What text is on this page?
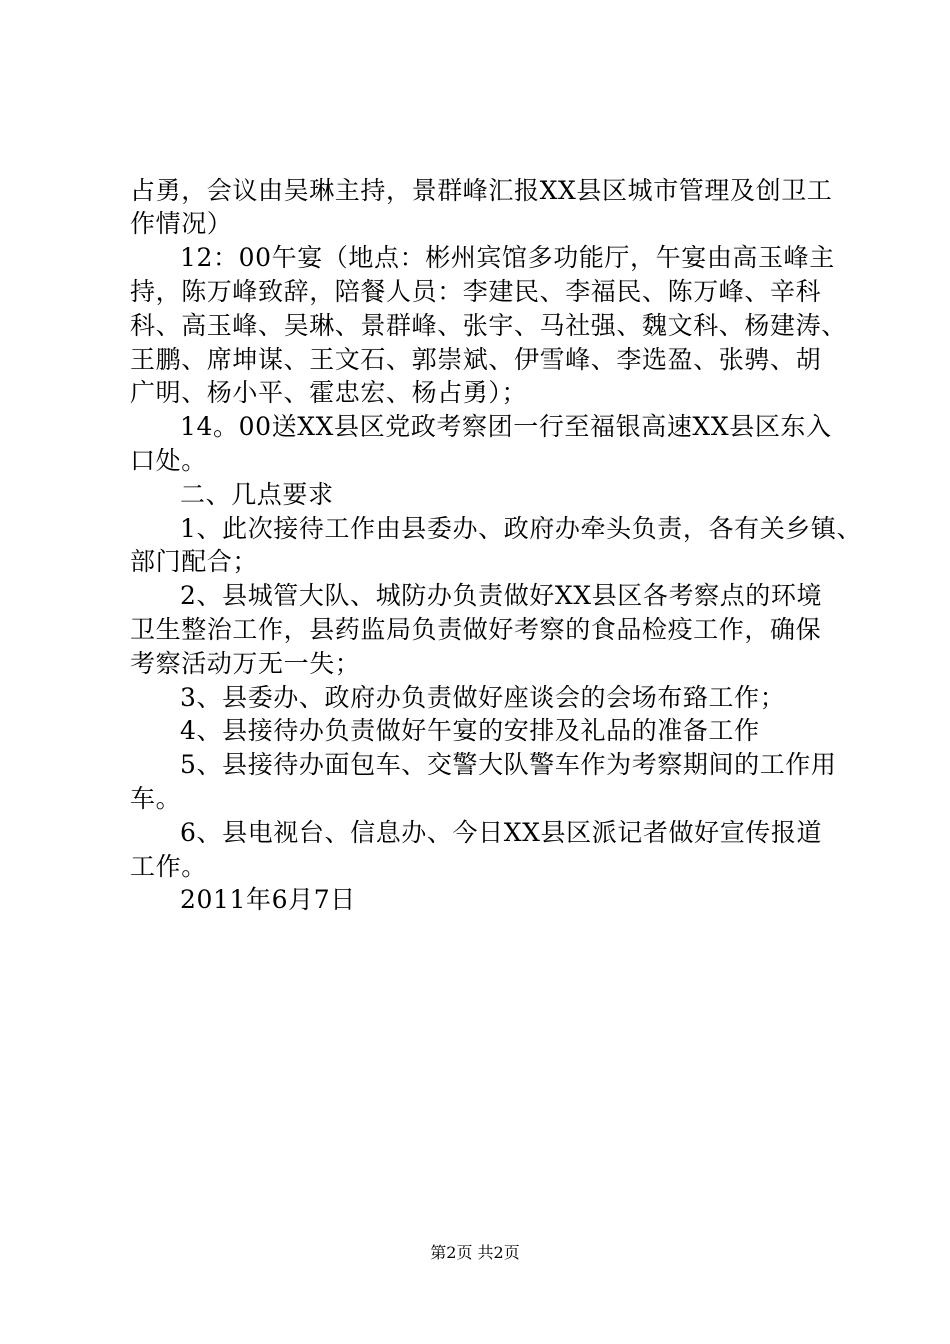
占勇，会议由吴琳主持，景群峰汇报XX县区城市管理及创卫工
作情况）
12：00午宴（地点：彬州宾馆多功能厅，午宴由高玉峰主
持，陈万峰致辞，陪餐人员：李建民、李福民、陈万峰、辛科
科、高玉峰、吴琳、景群峰、张宇、马社强、魏文科、杨建涛、
王鹏、席坤谋、王文石、郭崇斌、伊雪峰、李选盈、张骋、胡
广明、杨小平、霍忠宏、杨占勇）；
14。00送XX县区党政考察团一行至福银高速XX县区东入
口处。
二、几点要求
1、此次接待工作由县委办、政府办牵头负责，各有关乡镇、
部门配合；
2、县城管大队、城防办负责做好XX县区各考察点的环境
卫生整治工作，县药监局负责做好考察的食品检疫工作，确保
考察活动万无一失；
3、县委办、政府办负责做好座谈会的会场布臵工作；
4、县接待办负责做好午宴的安排及礼品的准备工作
5、县接待办面包车、交警大队警车作为考察期间的工作用
车。
6、县电视台、信息办、今日XX县区派记者做好宣传报道
工作。
2011年6月7日
第2页 共2页
